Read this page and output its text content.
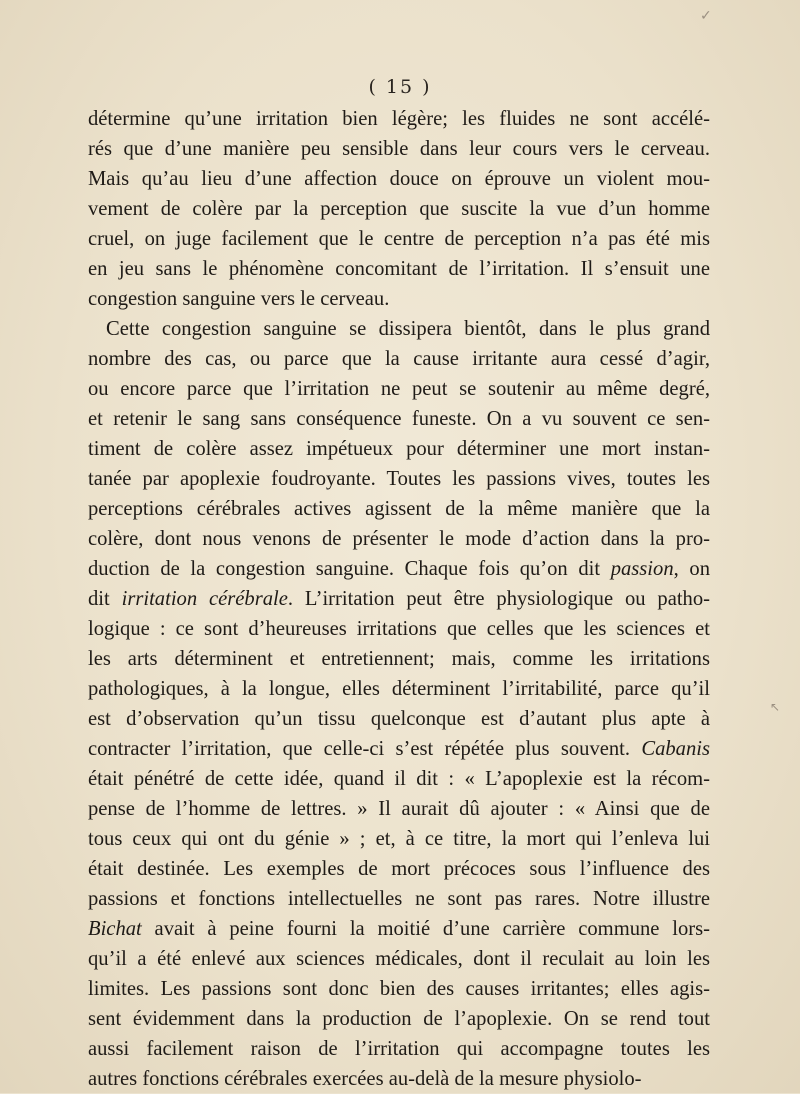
✓
↖
( 15 )
détermine qu’une irritation bien légère; les fluides ne sont accélé-
rés que d’une manière peu sensible dans leur cours vers le cerveau.
Mais qu’au lieu d’une affection douce on éprouve un violent mou-
vement de colère par la perception que suscite la vue d’un homme
cruel, on juge facilement que le centre de perception n’a pas été mis
en jeu sans le phénomène concomitant de l’irritation. Il s’ensuit une
congestion sanguine vers le cerveau.
Cette congestion sanguine se dissipera bientôt, dans le plus grand
nombre des cas, ou parce que la cause irritante aura cessé d’agir,
ou encore parce que l’irritation ne peut se soutenir au même degré,
et retenir le sang sans conséquence funeste. On a vu souvent ce sen-
timent de colère assez impétueux pour déterminer une mort instan-
tanée par apoplexie foudroyante. Toutes les passions vives, toutes les
perceptions cérébrales actives agissent de la même manière que la
colère, dont nous venons de présenter le mode d’action dans la pro-
duction de la congestion sanguine. Chaque fois qu’on dit passion, on
dit irritation cérébrale. L’irritation peut être physiologique ou patho-
logique : ce sont d’heureuses irritations que celles que les sciences et
les arts déterminent et entretiennent; mais, comme les irritations
pathologiques, à la longue, elles déterminent l’irritabilité, parce qu’il
est d’observation qu’un tissu quelconque est d’autant plus apte à
contracter l’irritation, que celle-ci s’est répétée plus souvent. Cabanis
était pénétré de cette idée, quand il dit : « L’apoplexie est la récom-
pense de l’homme de lettres. » Il aurait dû ajouter : « Ainsi que de
tous ceux qui ont du génie » ; et, à ce titre, la mort qui l’enleva lui
était destinée. Les exemples de mort précoces sous l’influence des
passions et fonctions intellectuelles ne sont pas rares. Notre illustre
Bichat avait à peine fourni la moitié d’une carrière commune lors-
qu’il a été enlevé aux sciences médicales, dont il reculait au loin les
limites. Les passions sont donc bien des causes irritantes; elles agis-
sent évidemment dans la production de l’apoplexie. On se rend tout
aussi facilement raison de l’irritation qui accompagne toutes les
autres fonctions cérébrales exercées au-delà de la mesure physiolo-
